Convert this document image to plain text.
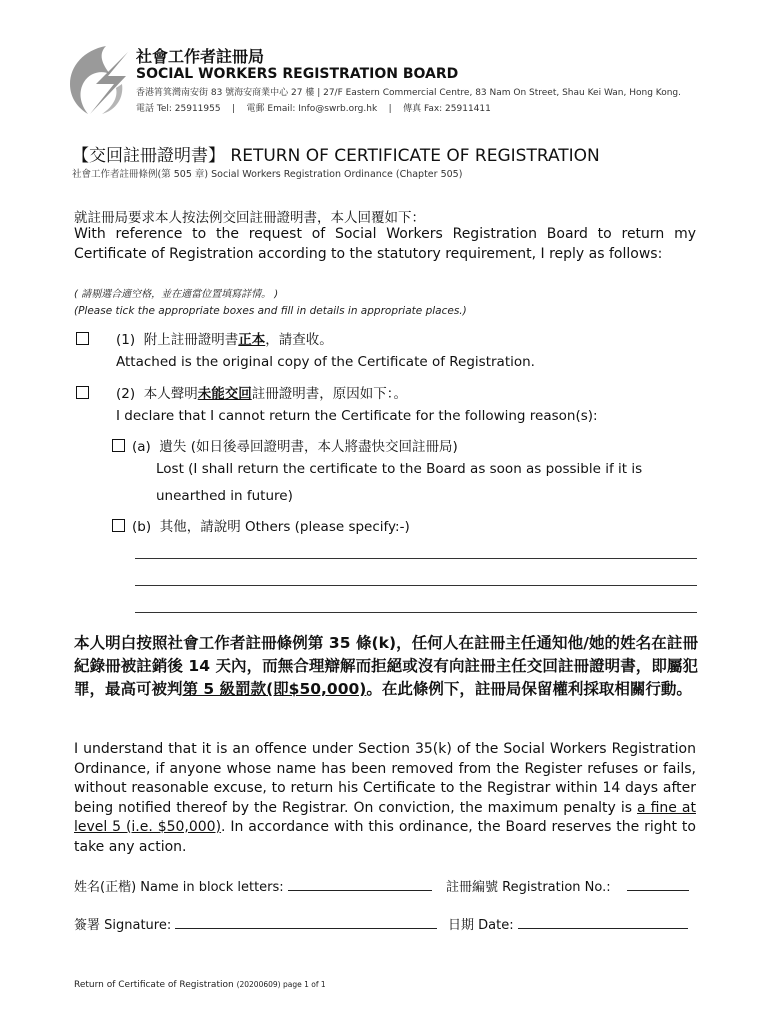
社會工作者註冊局
SOCIAL WORKERS REGISTRATION BOARD
香港筲箕灣南安街 83 號海安商業中心 27 樓 | 27/F Eastern Commercial Centre, 83 Nam On Street, Shau Kei Wan, Hong Kong.
電話 Tel: 25911955 | 電郵 Email: Info@swrb.org.hk | 傳真 Fax: 25911411
【交回註冊證明書】 RETURN OF CERTIFICATE OF REGISTRATION
社會工作者註冊條例(第 505 章) Social Workers Registration Ordinance (Chapter 505)
就註冊局要求本人按法例交回註冊證明書，本人回覆如下：
With reference to the request of Social Workers Registration Board to return my Certificate of Registration according to the statutory requirement, I reply as follows:
( 請剔選合適空格，並在適當位置填寫詳情。 )
(Please tick the appropriate boxes and fill in details in appropriate places.)
(1) 附上註冊證明書正本，請查收。
Attached is the original copy of the Certificate of Registration.
(2) 本人聲明未能交回註冊證明書，原因如下：。
I declare that I cannot return the Certificate for the following reason(s):
(a) 遺失 (如日後尋回證明書，本人將盡快交回註冊局)
Lost (I shall return the certificate to the Board as soon as possible if it is
unearthed in future)
(b) 其他，請說明 Others (please specify:-)
本人明白按照社會工作者註冊條例第 35 條(k)，任何人在註冊主任通知他/她的姓名在註冊紀錄冊被註銷後 14 天內，而無合理辯解而拒絕或沒有向註冊主任交回註冊證明書，即屬犯罪，最高可被判第 5 級罰款(即$50,000)。在此條例下，註冊局保留權利採取相關行動。
I understand that it is an offence under Section 35(k) of the Social Workers Registration Ordinance, if anyone whose name has been removed from the Register refuses or fails, without reasonable excuse, to return his Certificate to the Registrar within 14 days after being notified thereof by the Registrar. On conviction, the maximum penalty is a fine at level 5 (i.e. $50,000). In accordance with this ordinance, the Board reserves the right to take any action.
姓名(正楷) Name in block letters:	註冊編號 Registration No.:
簽署 Signature:	日期 Date:
Return of Certificate of Registration (20200609) page 1 of 1
